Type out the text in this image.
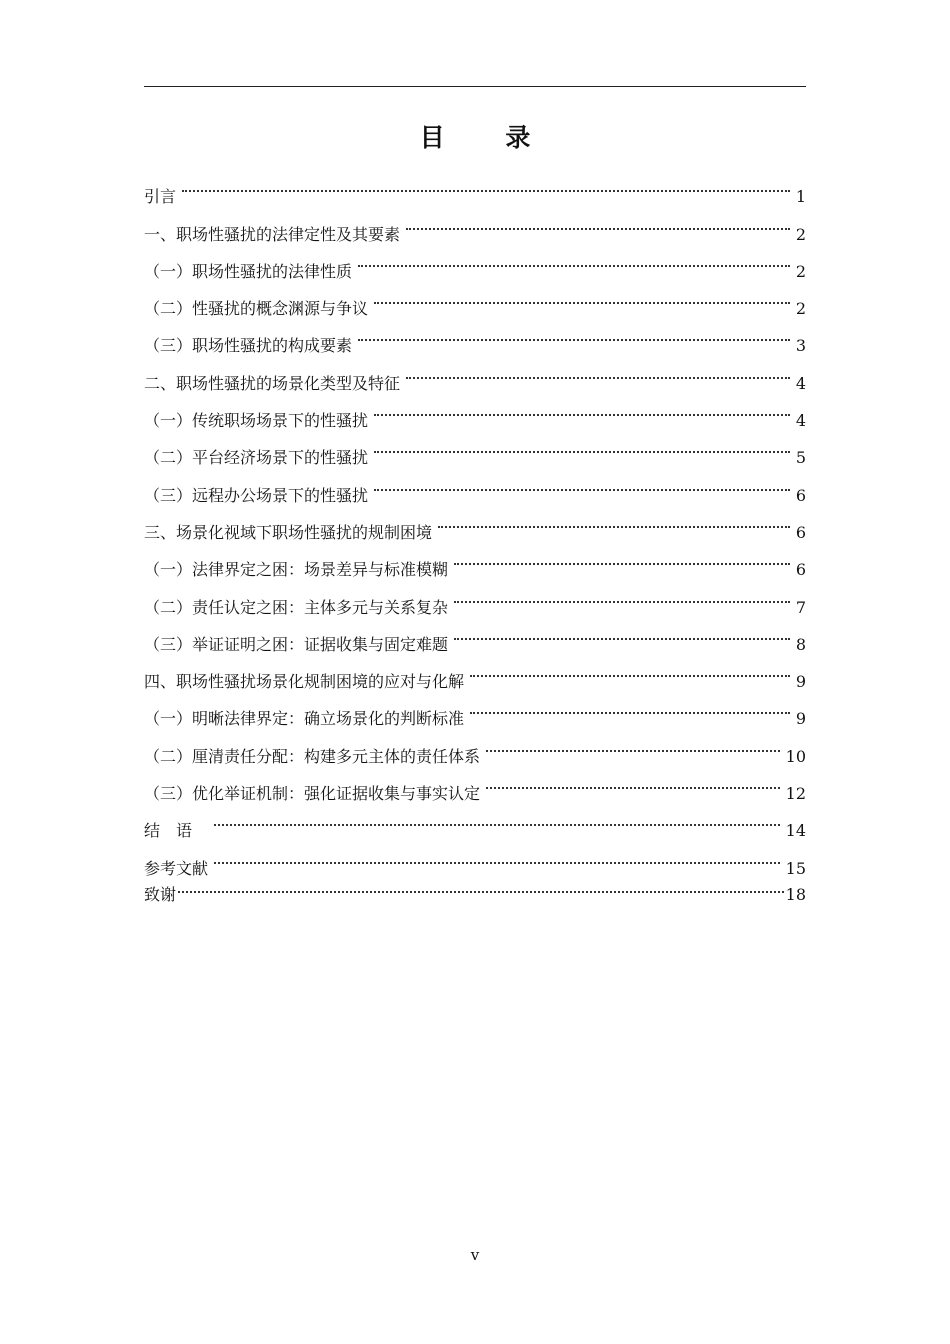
目 录
引言	1
一、职场性骚扰的法律定性及其要素	2
（一）职场性骚扰的法律性质	2
（二）性骚扰的概念渊源与争议	2
（三）职场性骚扰的构成要素	3
二、职场性骚扰的场景化类型及特征	4
（一）传统职场场景下的性骚扰	4
（二）平台经济场景下的性骚扰	5
（三）远程办公场景下的性骚扰	6
三、场景化视域下职场性骚扰的规制困境	6
（一）法律界定之困：场景差异与标准模糊	6
（二）责任认定之困：主体多元与关系复杂	7
（三）举证证明之困：证据收集与固定难题	8
四、职场性骚扰场景化规制困境的应对与化解	9
（一）明晰法律界定：确立场景化的判断标准	9
（二）厘清责任分配：构建多元主体的责任体系	10
（三）优化举证机制：强化证据收集与事实认定	12
结语	14
参考文献	15
致谢	18
v
